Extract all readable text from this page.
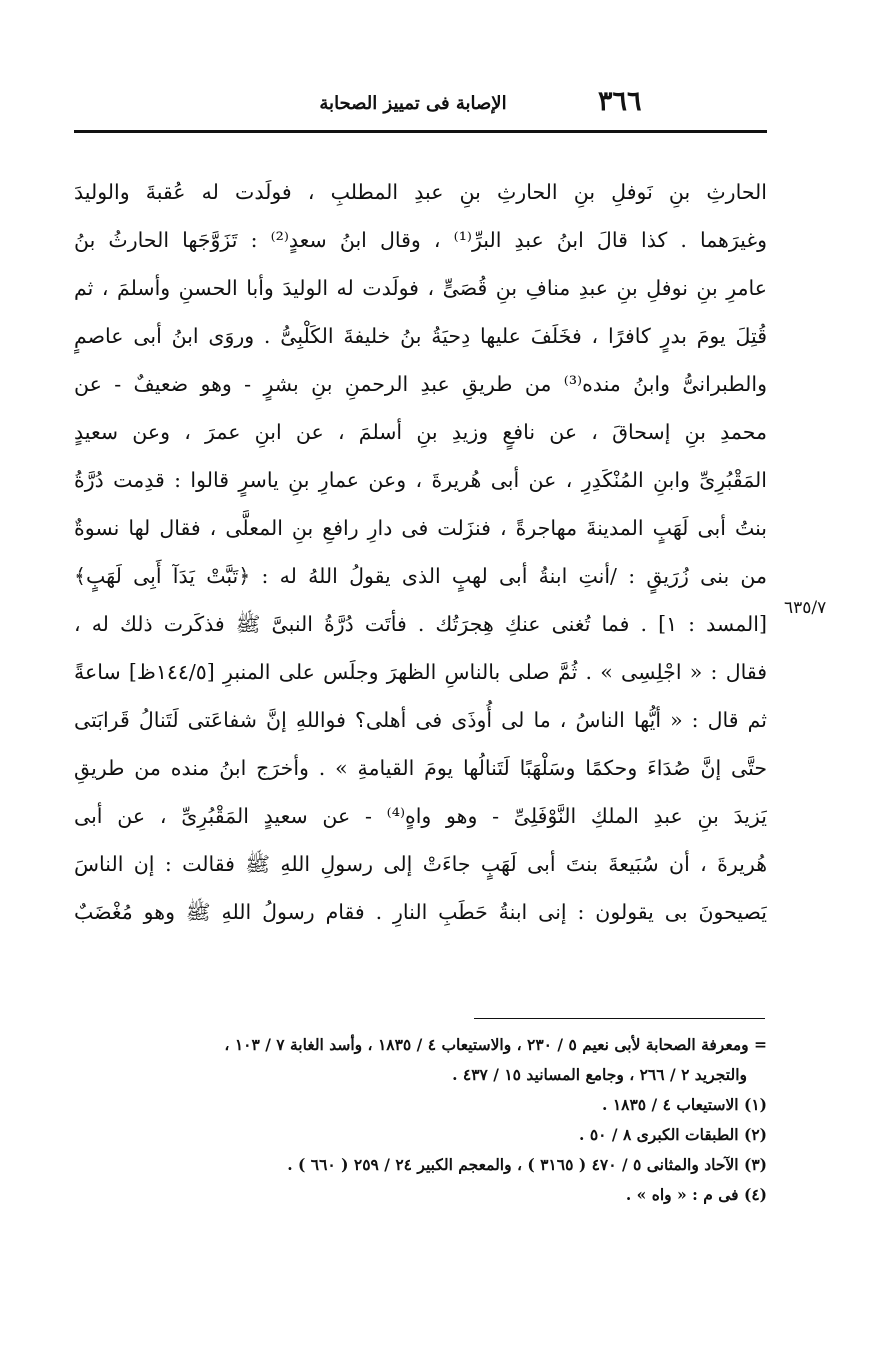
٣٦٦
الإصابة فى تمييز الصحابة
٦٣٥/٧
الحارثِ بنِ نَوفلِ بنِ الحارثِ بنِ عبدِ المطلبِ ، فولَدت له عُقبةَ والوليدَ
وغيرَهما . كذا قالَ ابنُ عبدِ البرِّ⁽¹⁾ ، وقال ابنُ سعدٍ⁽²⁾ : تَزَوَّجَها الحارثُ بنُ
عامرِ بنِ نوفلِ بنِ عبدِ منافِ بنِ قُصَىٍّ ، فولَدت له الوليدَ وأبا الحسنِ وأسلمَ ، ثم
قُتِلَ يومَ بدرٍ كافرًا ، فخَلَفَ عليها دِحيَةُ بنُ خليفةَ الكَلْبِىُّ . وروَى ابنُ أبى عاصمٍ
والطبرانىُّ وابنُ منده⁽³⁾ من طريقِ عبدِ الرحمنِ بنِ بشرٍ - وهو ضعيفٌ - عن
محمدِ بنِ إسحاقَ ، عن نافعٍ وزيدِ بنِ أسلمَ ، عن ابنِ عمرَ ، وعن سعيدٍ
المَقْبُرِىِّ وابنِ المُنْكَدِرِ ، عن أبى هُريرةَ ، وعن عمارِ بنِ ياسرٍ قالوا : قدِمت دُرَّةُ
بنتُ أبى لَهَبٍ المدينةَ مهاجرةً ، فنزَلت فى دارِ رافعِ بنِ المعلَّى ، فقال لها نسوةٌ
من بنى زُرَيقٍ : /أنتِ ابنةُ أبى لهبٍ الذى يقولُ اللهُ له : ﴿تَبَّتْ يَدَآ أَبِى لَهَبٍ﴾
[المسد : ١] . فما تُغنى عنكِ هِجرَتُك . فأتَت دُرَّةُ النبىَّ ﷺ فذكَرت ذلك له ،
فقال : « اجْلِسِى » . ثُمَّ صلى بالناسِ الظهرَ وجلَس على المنبرِ [١٤٤/٥ظ] ساعةً
ثم قال : « أيُّها الناسُ ، ما لى أُوذَى فى أهلى؟ فواللهِ إنَّ شفاعَتى لَتَنالُ قَرابَتى
حتَّى إنَّ صُدَاءَ وحكمًا وسَلْهَبًا لَتَنالُها يومَ القيامةِ » . وأخرَج ابنُ منده من طريقِ
يَزيدَ بنِ عبدِ الملكِ النَّوْفَلِىِّ - وهو واهٍ⁽⁴⁾ - عن سعيدٍ المَقْبُرِىِّ ، عن أبى
هُريرةَ ، أن سُبَيعةَ بنتَ أبى لَهَبٍ جاءَتْ إلى رسولِ اللهِ ﷺ فقالت : إن الناسَ
يَصيحونَ بى يقولون : إنى ابنةُ حَطَبِ النارِ . فقام رسولُ اللهِ ﷺ وهو مُغْضَبٌ
= ومعرفة الصحابة لأبى نعيم ٥ / ٢٣٠ ، والاستيعاب ٤ / ١٨٣٥ ، وأسد الغابة ٧ / ١٠٣ ،
والتجريد ٢ / ٢٦٦ ، وجامع المسانيد ١٥ / ٤٣٧ .
(١) الاستيعاب ٤ / ١٨٣٥ .
(٢) الطبقات الكبرى ٨ / ٥٠ .
(٣) الآحاد والمثانى ٥ / ٤٧٠ ( ٣١٦٥ ) ، والمعجم الكبير ٢٤ / ٢٥٩ ( ٦٦٠ ) .
(٤) فى م : « واه » .
